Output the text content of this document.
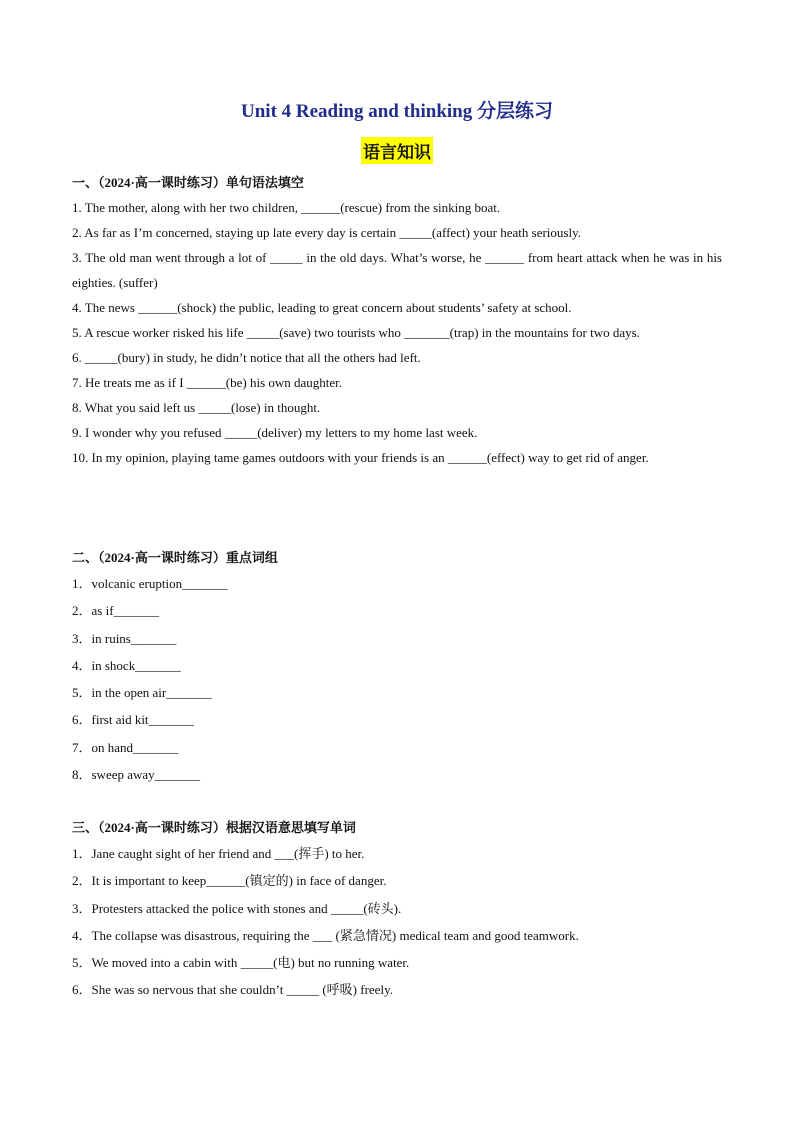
Unit 4 Reading and thinking 分层练习
语言知识

一、（2024·高一课时练习）单句语法填空

1. The mother, along with her two children, ______(rescue) from the sinking boat.

2. As far as I’m concerned, staying up late every day is certain _____(affect) your heath seriously.

3. The old man went through a lot of _____ in the old days. What’s worse, he ______ from heart attack when he was in his eighties. (suffer)

4. The news ______(shock) the public, leading to great concern about students’ safety at school.

5. A rescue worker risked his life _____(save) two tourists who _______(trap) in the mountains for two days.

6. _____(bury) in study, he didn’t notice that all the others had left.

7. He treats me as if I ______(be) his own daughter.

8. What you said left us _____(lose) in thought.

9. I wonder why you refused _____(deliver) my letters to my home last week.

10. In my opinion, playing tame games outdoors with your friends is an ______(effect) way to get rid of anger.

二、（2024·高一课时练习）重点词组

1．volcanic eruption_______

2．as if_______

3．in ruins_______

4．in shock_______

5．in the open air_______

6．first aid kit_______

7．on hand_______

8．sweep away_______

三、（2024·高一课时练习）根据汉语意思填写单词

1．Jane caught sight of her friend and ___(挥手) to her.

2．It is important to keep______(镇定的) in face of danger.

3．Protesters attacked the police with stones and _____(砖头).

4．The collapse was disastrous, requiring the ___ (紧急情况) medical team and good teamwork.

5．We moved into a cabin with _____(电) but no running water.

6．She was so nervous that she couldn’t _____ (呼吸) freely.
